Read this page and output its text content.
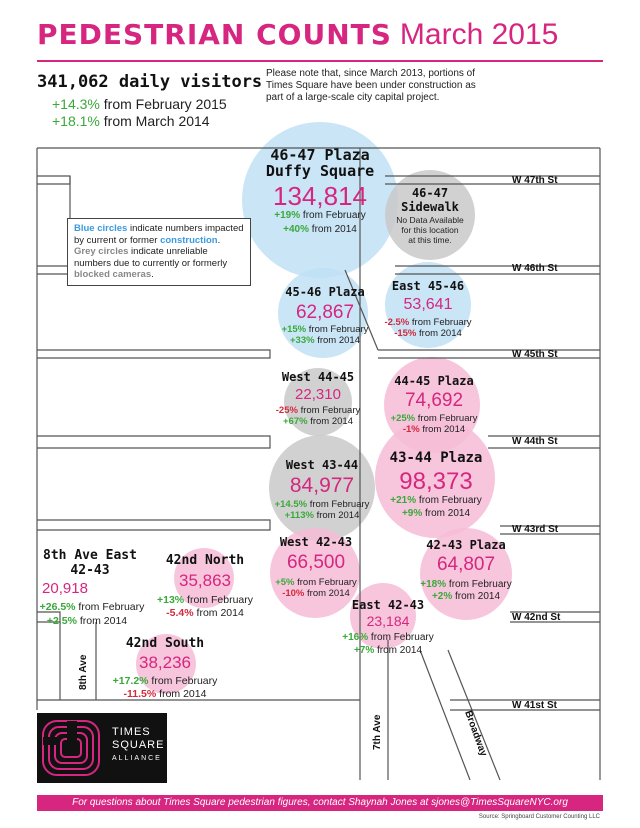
PEDESTRIAN COUNTS March 2015
341,062 daily visitors
+14.3% from February 2015
+18.1% from March 2014
Please note that, since March 2013, portions of Times Square have been under construction as part of a large-scale city capital project.
W 47th St
W 46th St
W 45th St
W 44th St
W 43rd St
W 42nd St
W 41st St
8th Ave
7th Ave	Broadway
Blue circles indicate numbers impacted by current or former construction. Grey circles indicate unreliable numbers due to currently or formerly blocked cameras.
46-47 Plaza
Duffy Square
134,814
+19% from February
+40% from 2014
46-47
Sidewalk
No Data Available
for this location
at this time.
45-46 Plaza
62,867
+15% from February
+33% from 2014
East 45-46
53,641
-2.5% from February
-15% from 2014
West 44-45
22,310
-25% from February
+67% from 2014
44-45 Plaza
74,692
+25% from February
-1% from 2014
West 43-44
84,977
+14.5% from February
+113% from 2014
43-44 Plaza
98,373
+21% from February
+9% from 2014
West 42-43
66,500
+5% from February
-10% from 2014
42-43 Plaza
64,807
+18% from February
+2% from 2014
East 42-43
23,184
+16% from February
+7% from 2014
42nd North
35,863
+13% from February
-5.4% from 2014
8th Ave East
42-43
20,918
+26.5% from February
+2.5% from 2014
42nd South
38,236
+17.2% from February
-11.5% from 2014
TIMES
SQUARE
ALLIANCE
For questions about Times Square pedestrian figures, contact Shaynah Jones at sjones@TimesSquareNYC.org
Source: Springboard Customer Counting LLC
